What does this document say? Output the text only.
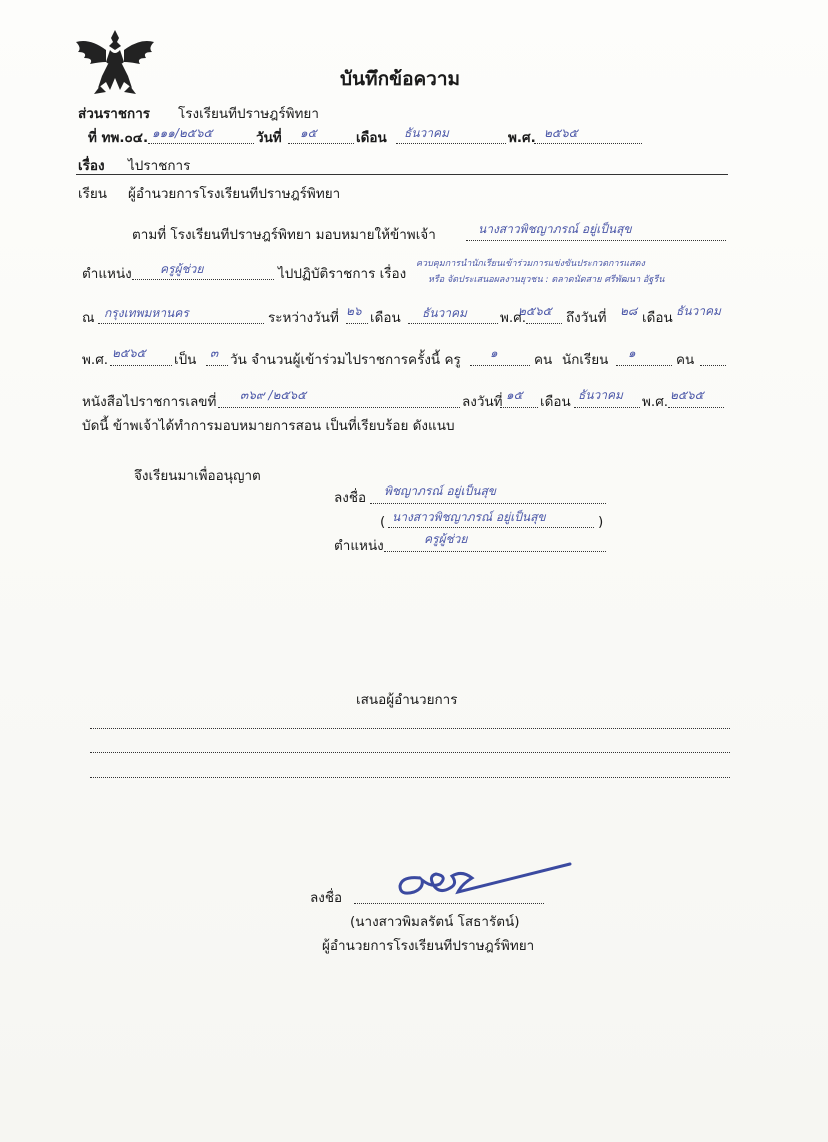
บันทึกข้อความ
ส่วนราชการ โรงเรียนทีปราษฎร์พิทยา
ที่ ทพ.๐๔. ๑๑๑/๒๕๖๕	วันที่ ๑๕	เดือน ธันวาคม	พ.ศ. ๒๕๖๕
เรื่อง ไปราชการ
เรียน ผู้อำนวยการโรงเรียนทีปราษฎร์พิทยา
ตามที่ โรงเรียนทีปราษฎร์พิทยา มอบหมายให้ข้าพเจ้า	นางสาวพิชญาภรณ์ อยู่เป็นสุข
ตำแหน่ง ครูผู้ช่วย	ไปปฏิบัติราชการ เรื่อง
ควบคุมการนำนักเรียนเข้าร่วมการแข่งขันประกวดการแสดง
หรือ จัดประเสนอผลงานยุวชน : ตลาดนัดสาย ศรีพัฒนา อัฐรีน
ณ กรุงเทพมหานคร	ระหว่างวันที่ ๒๖ เดือน ธันวาคม พ.ศ.
๒๕๖๕ ถึงวันที่ ๒๘ เดือน ธันวาคม
พ.ศ. ๒๕๖๕ เป็น ๓ วัน จำนวนผู้เข้าร่วมไปราชการครั้งนี้ ครู ๑	คน นักเรียน ๑	คน
หนังสือไปราชการเลขที่ ๓๖๙ /๒๕๖๕	ลงวันที่ ๑๕ เดือน ธันวาคม พ.ศ. ๒๕๖๕
บัดนี้ ข้าพเจ้าได้ทำการมอบหมายการสอน เป็นที่เรียบร้อย ดังแนบ
จึงเรียนมาเพื่ออนุญาต
ลงชื่อ พิชญาภรณ์ อยู่เป็นสุข
( นางสาวพิชญาภรณ์ อยู่เป็นสุข	)
ตำแหน่ง	ครูผู้ช่วย
เสนอผู้อำนวยการ
ลงชื่อ
(นางสาวพิมลรัตน์ โสธารัตน์)
ผู้อำนวยการโรงเรียนทีปราษฎร์พิทยา
